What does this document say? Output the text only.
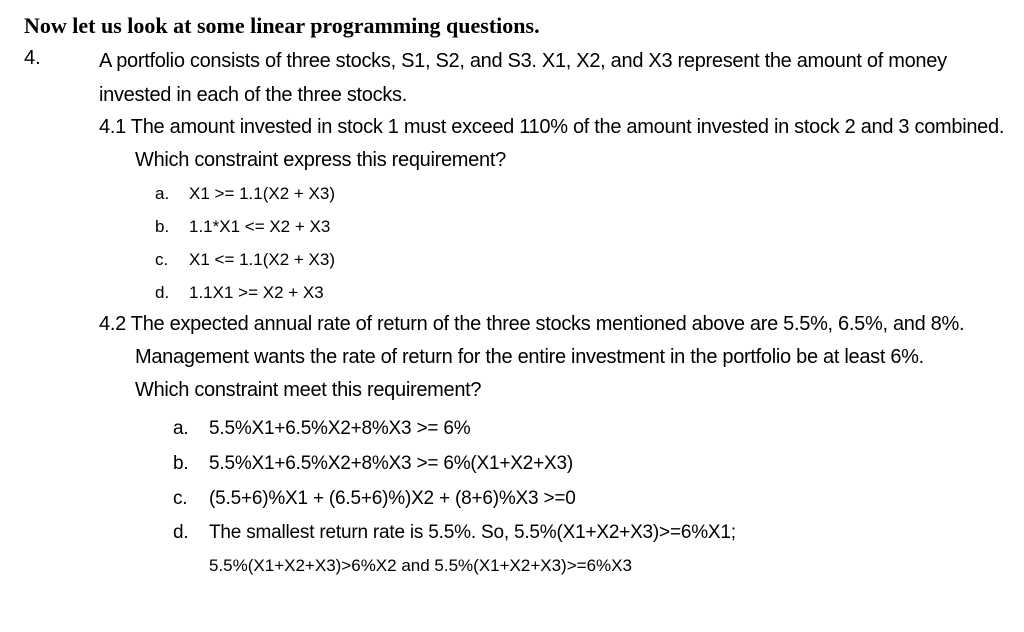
Now let us look at some linear programming questions.
4.	A portfolio consists of three stocks, S1, S2, and S3. X1, X2, and X3 represent the amount of money invested in each of the three stocks.
4.1 The amount invested in stock 1 must exceed 110% of the amount invested in stock 2 and 3 combined. Which constraint express this requirement?
a. X1 >= 1.1(X2 + X3)
b. 1.1*X1 <= X2 + X3
c. X1 <= 1.1(X2 + X3)
d. 1.1X1 >= X2 + X3
4.2 The expected annual rate of return of the three stocks mentioned above are 5.5%, 6.5%, and 8%. Management wants the rate of return for the entire investment in the portfolio be at least 6%. Which constraint meet this requirement?
a. 5.5%X1+6.5%X2+8%X3 >= 6%
b. 5.5%X1+6.5%X2+8%X3 >= 6%(X1+X2+X3)
c. (5.5+6)%X1 + (6.5+6)%)X2 + (8+6)%X3 >=0
d. The smallest return rate is 5.5%. So, 5.5%(X1+X2+X3)>=6%X1;
5.5%(X1+X2+X3)>6%X2 and 5.5%(X1+X2+X3)>=6%X3
